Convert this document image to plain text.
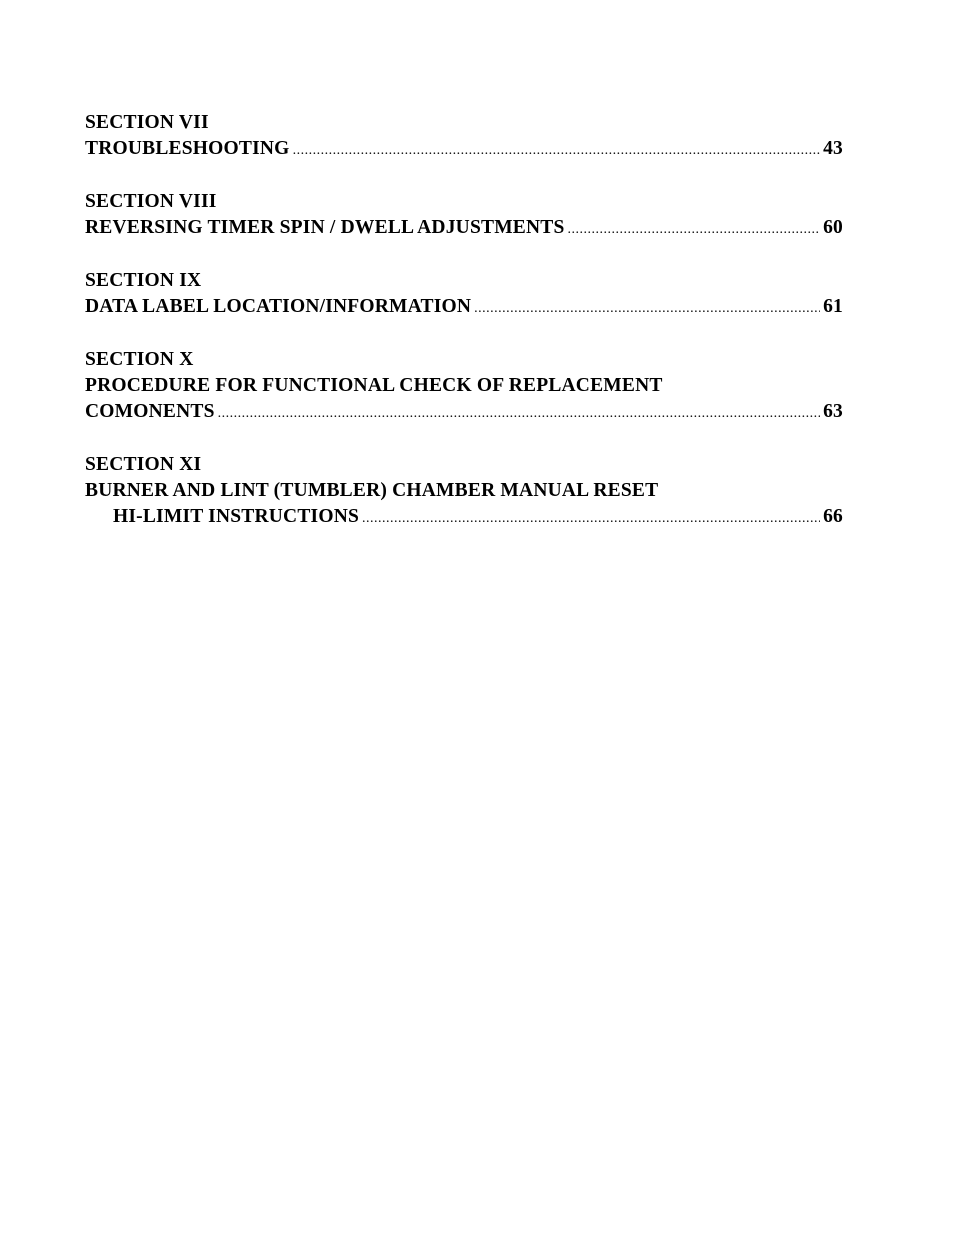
SECTION VII
TROUBLESHOOTING .....	43
SECTION VIII
REVERSING TIMER SPIN / DWELL ADJUSTMENTS .....	60
SECTION IX
DATA LABEL LOCATION/INFORMATION .....	61
SECTION X
PROCEDURE FOR FUNCTIONAL CHECK OF REPLACEMENT
COMONENTS .....	63
SECTION XI
BURNER AND LINT (TUMBLER) CHAMBER MANUAL RESET
HI-LIMIT INSTRUCTIONS .....	66
